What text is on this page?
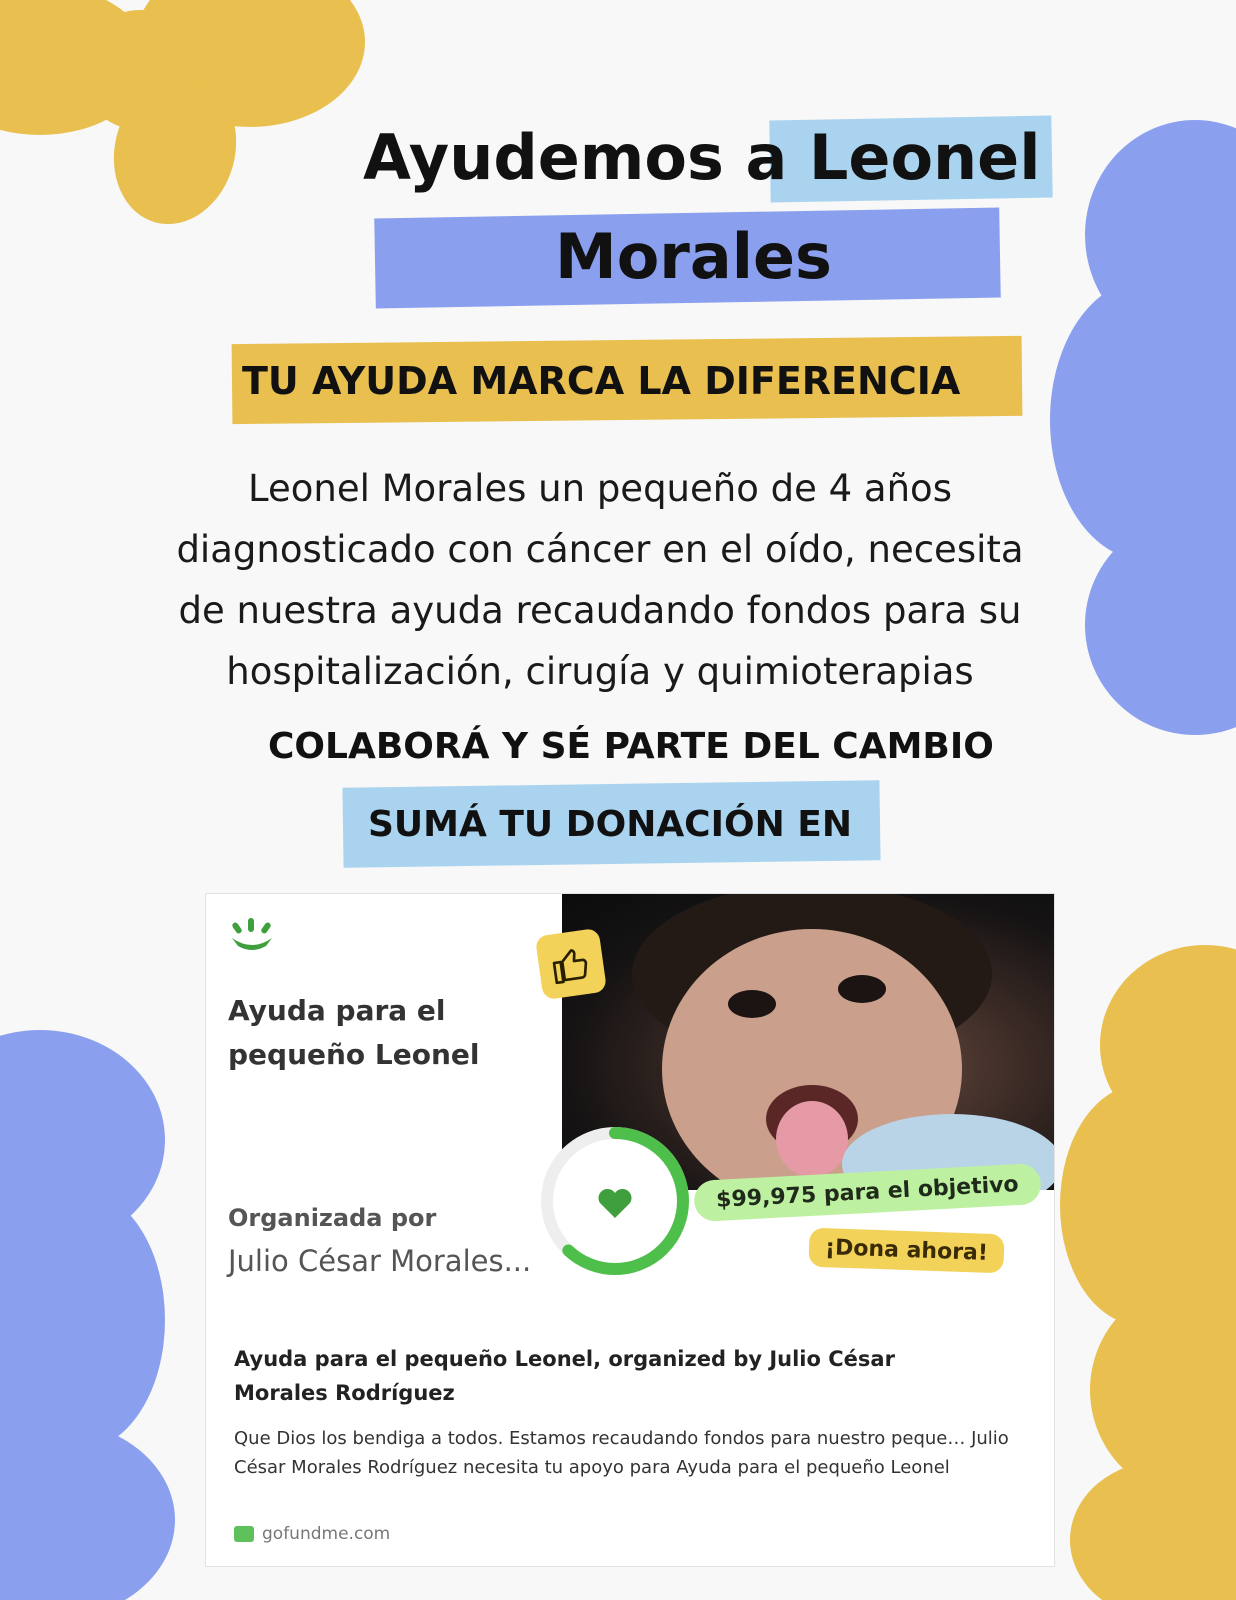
Ayudemos a Leonel
Morales
TU AYUDA MARCA LA DIFERENCIA
Leonel Morales un pequeño de 4 años diagnosticado con cáncer en el oído, necesita de nuestra ayuda recaudando fondos para su hospitalización, cirugía y quimioterapias
COLABORÁ Y SÉ PARTE DEL CAMBIO
SUMÁ TU DONACIÓN EN
Ayuda para el pequeño Leonel
Organizada por
Julio César Morales...
$99,975 para el objetivo
¡Dona ahora!
Ayuda para el pequeño Leonel, organized by Julio César Morales Rodríguez
Que Dios los bendiga a todos. Estamos recaudando fondos para nuestro peque… Julio César Morales Rodríguez necesita tu apoyo para Ayuda para el pequeño Leonel
gofundme.com
